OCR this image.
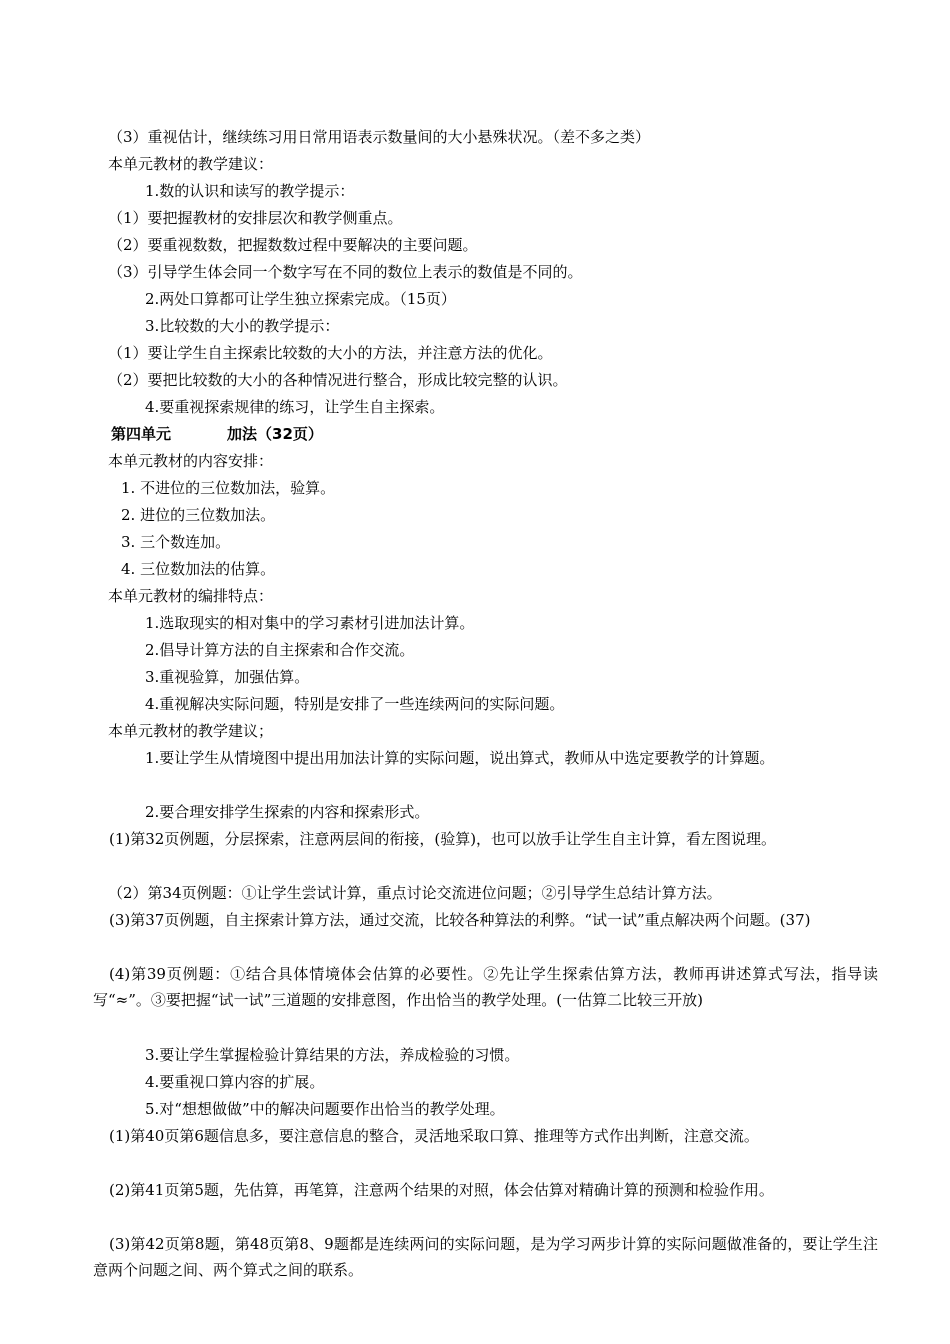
（3）重视估计，继续练习用日常用语表示数量间的大小悬殊状况。（差不多之类）
本单元教材的教学建议：
1.数的认识和读写的教学提示：
（1）要把握教材的安排层次和教学侧重点。
（2）要重视数数，把握数数过程中要解决的主要问题。
（3）引导学生体会同一个数字写在不同的数位上表示的数值是不同的。
2.两处口算都可让学生独立探索完成。（15页）
3.比较数的大小的教学提示：
（1）要让学生自主探索比较数的大小的方法，并注意方法的优化。
（2）要把比较数的大小的各种情况进行整合，形成比较完整的认识。
4.要重视探索规律的练习，让学生自主探索。
第四单元	加法（32页）
本单元教材的内容安排：
1. 不进位的三位数加法，验算。
2. 进位的三位数加法。
3. 三个数连加。
4. 三位数加法的估算。
本单元教材的编排特点：
1.选取现实的相对集中的学习素材引进加法计算。
2.倡导计算方法的自主探索和合作交流。
3.重视验算，加强估算。
4.重视解决实际问题，特别是安排了一些连续两问的实际问题。
本单元教材的教学建议；
1.要让学生从情境图中提出用加法计算的实际问题，说出算式，教师从中选定要教学的计算题。
2.要合理安排学生探索的内容和探索形式。
(1)第32页例题，分层探索，注意两层间的衔接，(验算)，也可以放手让学生自主计算，看左图说理。
（2）第34页例题：①让学生尝试计算，重点讨论交流进位问题；②引导学生总结计算方法。
(3)第37页例题，自主探索计算方法，通过交流，比较各种算法的利弊。“试一试”重点解决两个问题。(37)
(4)第39页例题：①结合具体情境体会估算的必要性。②先让学生探索估算方法，教师再讲述算式写法，指导读写“≈”。③要把握“试一试”三道题的安排意图，作出恰当的教学处理。(一估算二比较三开放)
3.要让学生掌握检验计算结果的方法，养成检验的习惯。
4.要重视口算内容的扩展。
5.对“想想做做”中的解决问题要作出恰当的教学处理。
(1)第40页第6题信息多，要注意信息的整合，灵活地采取口算、推理等方式作出判断，注意交流。
(2)第41页第5题，先估算，再笔算，注意两个结果的对照，体会估算对精确计算的预测和检验作用。
(3)第42页第8题，第48页第8、9题都是连续两问的实际问题，是为学习两步计算的实际问题做准备的，要让学生注意两个问题之间、两个算式之间的联系。
